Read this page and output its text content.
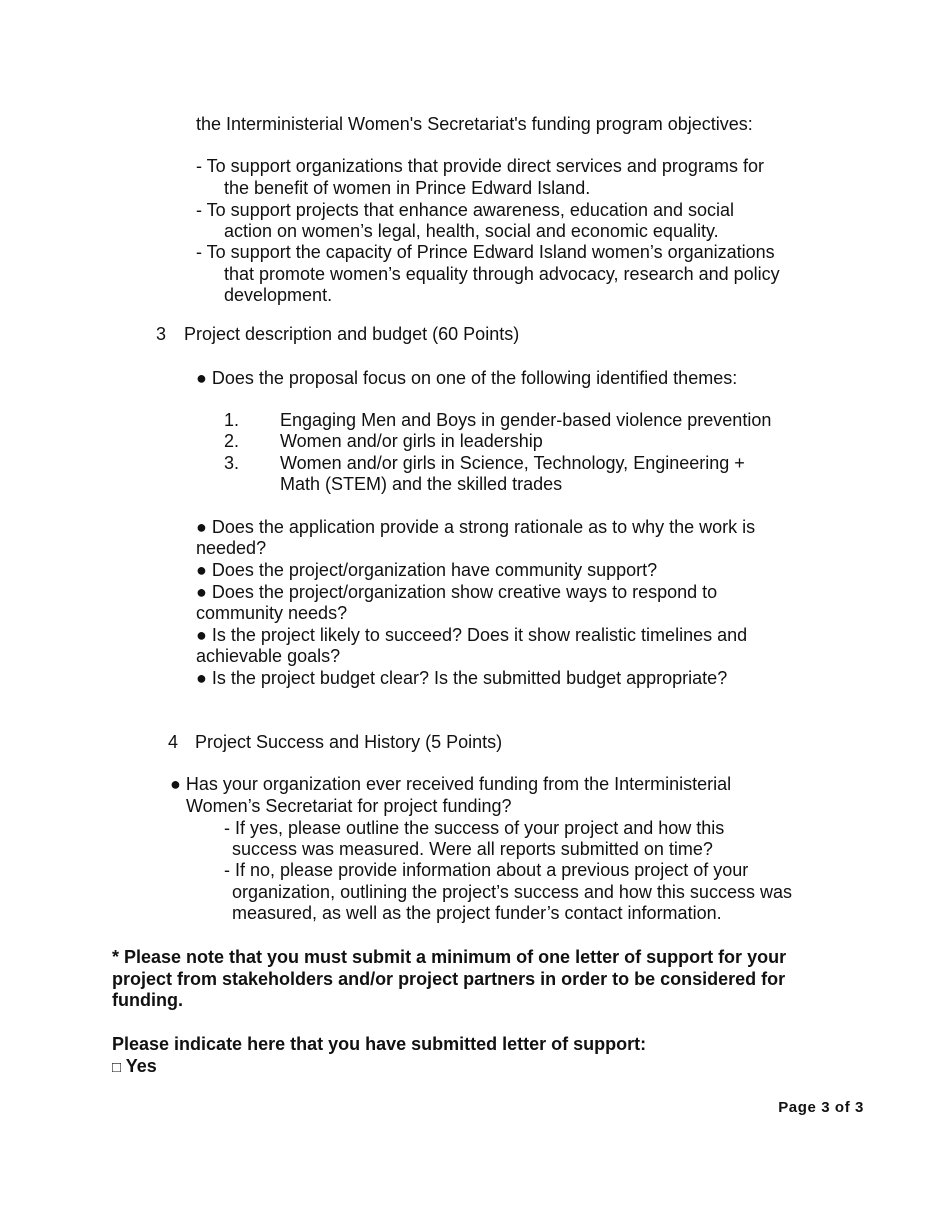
the Interministerial Women's Secretariat's funding program objectives:
- To support organizations that provide direct services and programs for
the benefit of women in Prince Edward Island.
- To support projects that enhance awareness, education and social
action on women’s legal, health, social and economic equality.
- To support the capacity of Prince Edward Island women’s organizations
that promote women’s equality through advocacy, research and policy
development.
3 Project description and budget (60 Points)
● Does the proposal focus on one of the following identified themes:
1. Engaging Men and Boys in gender-based violence prevention
2. Women and/or girls in leadership
3. Women and/or girls in Science, Technology, Engineering +
Math (STEM) and the skilled trades
● Does the application provide a strong rationale as to why the work is
needed?
● Does the project/organization have community support?
● Does the project/organization show creative ways to respond to
community needs?
● Is the project likely to succeed? Does it show realistic timelines and
achievable goals?
● Is the project budget clear? Is the submitted budget appropriate?
4 Project Success and History (5 Points)
● Has your organization ever received funding from the Interministerial
Women’s Secretariat for project funding?
- If yes, please outline the success of your project and how this
success was measured. Were all reports submitted on time?
- If no, please provide information about a previous project of your
organization, outlining the project’s success and how this success was
measured, as well as the project funder’s contact information.
* Please note that you must submit a minimum of one letter of support for your
project from stakeholders and/or project partners in order to be considered for
funding.
Please indicate here that you have submitted letter of support:
□ Yes
Page 3 of 3
